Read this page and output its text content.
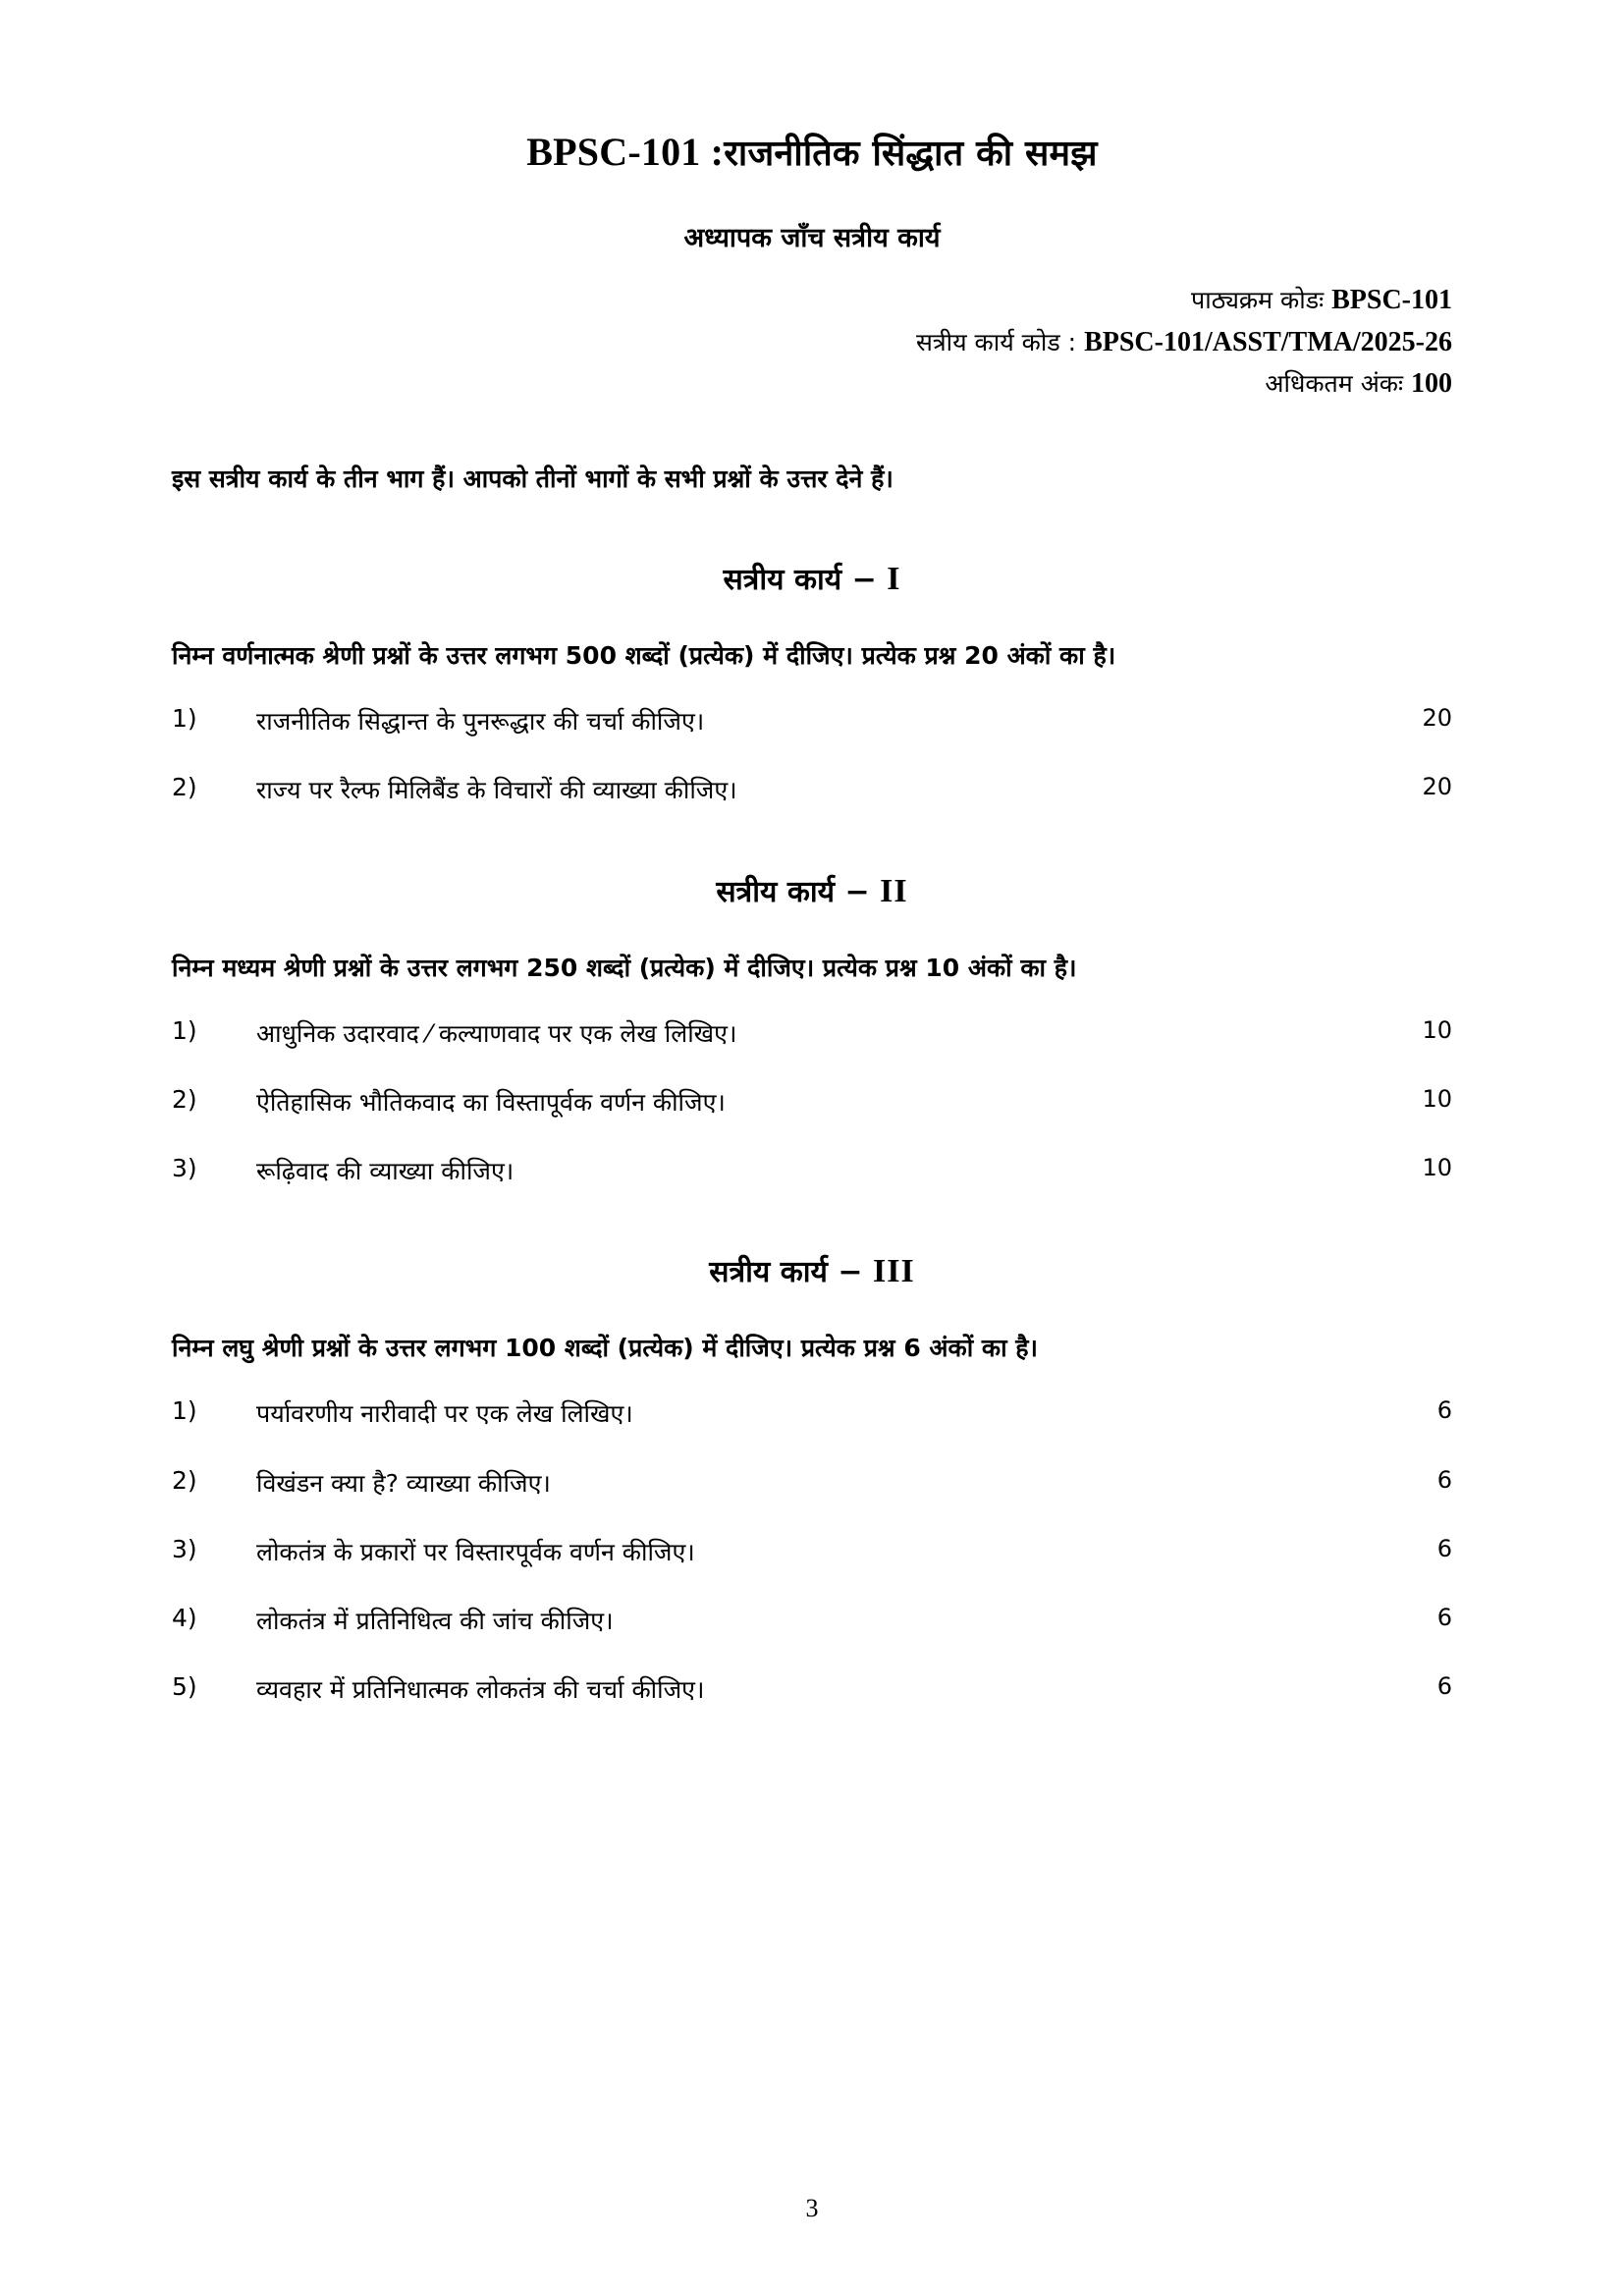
BPSC-101 :राजनीतिक सिंद्धात की समझ
अध्यापक जाँच सत्रीय कार्य
पाठ्यक्रम कोडः BPSC-101
सत्रीय कार्य कोड : BPSC-101/ASST/TMA/2025-26
अधिकतम अंकः 100

इस सत्रीय कार्य के तीन भाग हैं। आपको तीनों भागों के सभी प्रश्नों के उत्तर देने हैं।

सत्रीय कार्य − I

निम्न वर्णनात्मक श्रेणी प्रश्नों के उत्तर लगभग 500 शब्दों (प्रत्येक) में दीजिए। प्रत्येक प्रश्न 20 अंकों का है।

1)	राजनीतिक सिद्धान्त के पुनरूद्धार की चर्चा कीजिए।	20
2)	राज्य पर रैल्फ मिलिबैंड के विचारों की व्याख्या कीजिए।	20
सत्रीय कार्य − II

निम्न मध्यम श्रेणी प्रश्नों के उत्तर लगभग 250 शब्दों (प्रत्येक) में दीजिए। प्रत्येक प्रश्न 10 अंकों का है।

1)	आधुनिक उदारवाद ⁄ कल्याणवाद पर एक लेख लिखिए।	10
2)	ऐतिहासिक भौतिकवाद का विस्तापूर्वक वर्णन कीजिए।	10
3)	रूढ़िवाद की व्याख्या कीजिए।	10
सत्रीय कार्य − III

निम्न लघु श्रेणी प्रश्नों के उत्तर लगभग 100 शब्दों (प्रत्येक) में दीजिए। प्रत्येक प्रश्न 6 अंकों का है।

1)	पर्यावरणीय नारीवादी पर एक लेख लिखिए।	6
2)	विखंडन क्या है? व्याख्या कीजिए।	6
3)	लोकतंत्र के प्रकारों पर विस्तारपूर्वक वर्णन कीजिए।	6
4)	लोकतंत्र में प्रतिनिधित्व की जांच कीजिए।	6
5)	व्यवहार में प्रतिनिधात्मक लोकतंत्र की चर्चा कीजिए।	6
3
